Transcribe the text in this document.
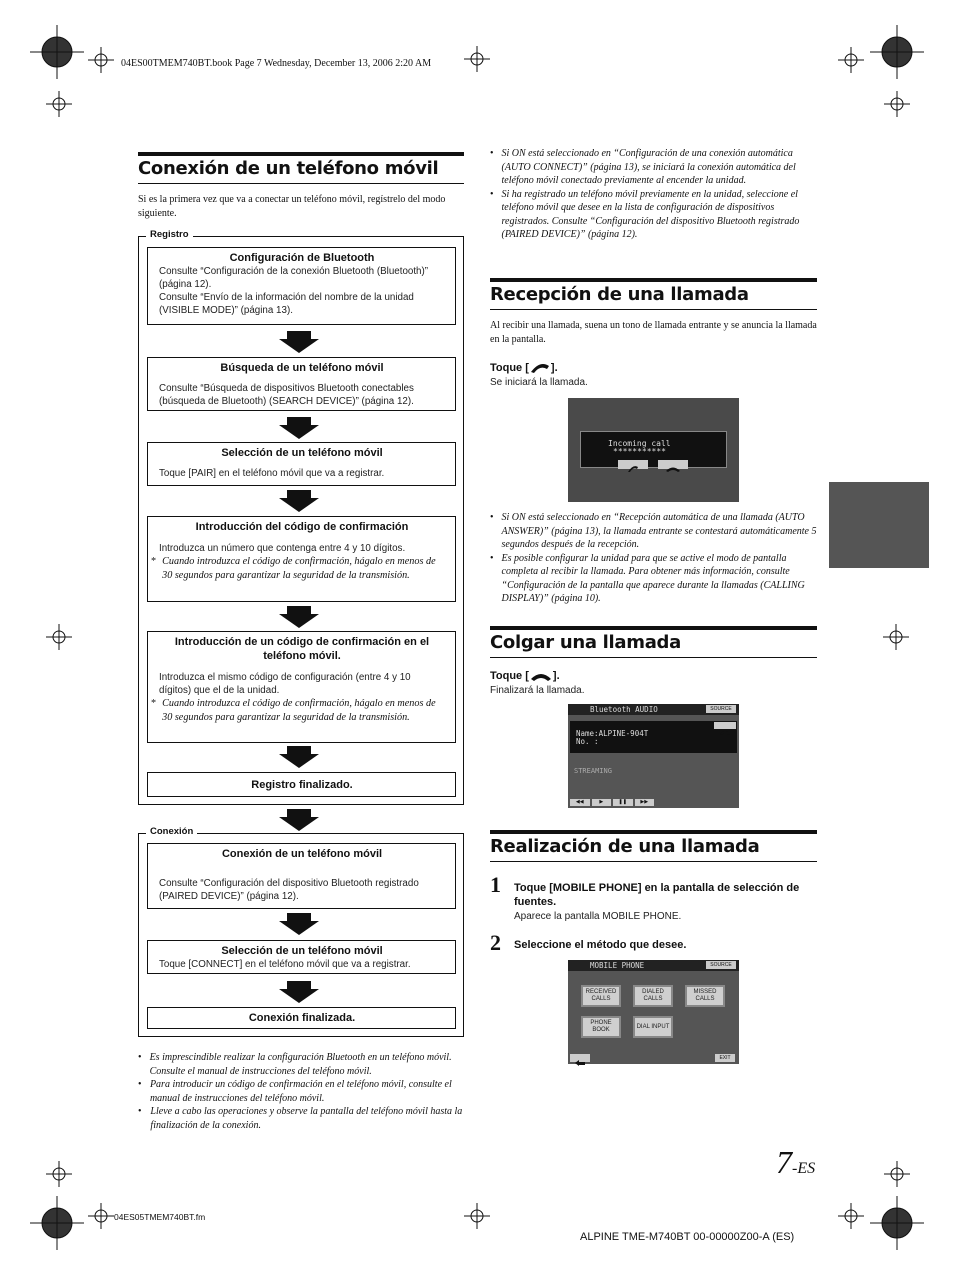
04ES00TMEM740BT.book Page 7 Wednesday, December 13, 2006 2:20 AM
Conexión de un teléfono móvil
Si es la primera vez que va a conectar un teléfono móvil, regístrelo del modo siguiente.
Registro
Configuración de Bluetooth
Consulte “Configuración de la conexión Bluetooth (Bluetooth)” (página 12).
Consulte “Envío de la información del nombre de la unidad (VISIBLE MODE)” (página 13).
Búsqueda de un teléfono móvil
Consulte “Búsqueda de dispositivos Bluetooth conectables (búsqueda de Bluetooth) (SEARCH DEVICE)” (página 12).
Selección de un teléfono móvil
Toque [PAIR] en el teléfono móvil que va a registrar.
Introducción del código de confirmación
Introduzca un número que contenga entre 4 y 10 dígitos.
* Cuando introduzca el código de confirmación, hágalo en menos de 30 segundos para garantizar la seguridad de la transmisión.
Introducción de un código de confirmación en el teléfono móvil.
Introduzca el mismo código de configuración (entre 4 y 10 dígitos) que el de la unidad.
* Cuando introduzca el código de confirmación, hágalo en menos de 30 segundos para garantizar la seguridad de la transmisión.
Registro finalizado.
Conexión
Conexión de un teléfono móvil
Consulte “Configuración del dispositivo Bluetooth registrado (PAIRED DEVICE)” (página 12).
Selección de un teléfono móvil
Toque [CONNECT] en el teléfono móvil que va a registrar.
Conexión finalizada.
• Es imprescindible realizar la configuración Bluetooth en un teléfono móvil. Consulte el manual de instrucciones del teléfono móvil.
• Para introducir un código de confirmación en el teléfono móvil, consulte el manual de instrucciones del teléfono móvil.
• Lleve a cabo las operaciones y observe la pantalla del teléfono móvil hasta la finalización de la conexión.
• Si ON está seleccionado en “Configuración de una conexión automática (AUTO CONNECT)” (página 13), se iniciará la conexión automática del teléfono móvil conectado previamente al encender la unidad.
• Si ha registrado un teléfono móvil previamente en la unidad, seleccione el teléfono móvil que desee en la lista de configuración de dispositivos registrados. Consulte “Configuración del dispositivo Bluetooth registrado (PAIRED DEVICE)” (página 12).
Recepción de una llamada
Al recibir una llamada, suena un tono de llamada entrante y se anuncia la llamada en la pantalla.
Toque [ ].
Se iniciará la llamada.
Incoming call
***********
• Si ON está seleccionado en “Recepción automática de una llamada (AUTO ANSWER)” (página 13), la llamada entrante se contestará automáticamente 5 segundos después de la recepción.
• Es posible configurar la unidad para que se active el modo de pantalla completa al recibir la llamada. Para obtener más información, consulte “Configuración de la pantalla que aparece durante la llamadas (CALLING DISPLAY)” (página 10).
Colgar una llamada
Toque [ ].
Finalizará la llamada.
Bluetooth AUDIO	SOURCE
Name:ALPINE-904T
No. :
STREAMING
◀◀	▶	❚❚	▶▶
Realización de una llamada
1 Toque [MOBILE PHONE] en la pantalla de selección de fuentes.
Aparece la pantalla MOBILE PHONE.
2 Seleccione el método que desee.
MOBILE PHONE	SOURCE
RECEIVED CALLS
DIALED CALLS
MISSED CALLS
PHONE BOOK
DIAL INPUT
EXIT
7 -ES
04ES05TMEM740BT.fm
ALPINE TME-M740BT 00-00000Z00-A (ES)
